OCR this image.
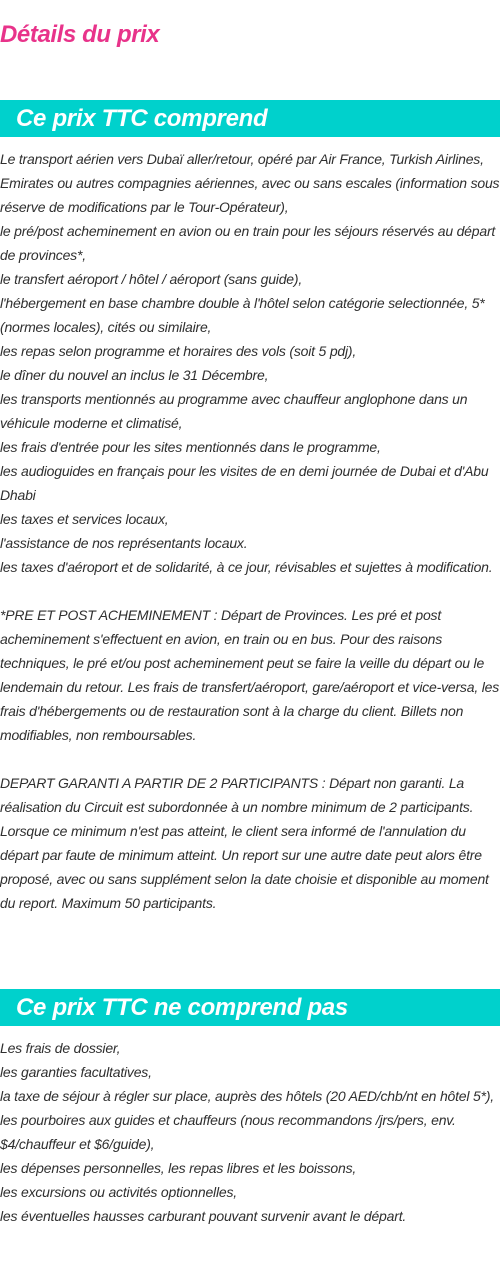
Détails du prix
Ce prix TTC comprend

Le transport aérien vers Dubaï aller/retour, opéré par Air France, Turkish Airlines, Emirates ou autres compagnies aériennes, avec ou sans escales (information sous réserve de modifications par le Tour-Opérateur),

le pré/post acheminement en avion ou en train pour les séjours réservés au départ de provinces*,

le transfert aéroport / hôtel / aéroport (sans guide),

l'hébergement en base chambre double à l'hôtel selon catégorie selectionnée, 5* (normes locales), cités ou similaire,

les repas selon programme et horaires des vols (soit 5 pdj),

le dîner du nouvel an inclus le 31 Décembre,

les transports mentionnés au programme avec chauffeur anglophone dans un véhicule moderne et climatisé,

les frais d'entrée pour les sites mentionnés dans le programme,

les audioguides en français pour les visites de en demi journée de Dubai et d'Abu Dhabi

les taxes et services locaux,

l'assistance de nos représentants locaux.

les taxes d'aéroport et de solidarité, à ce jour, révisables et sujettes à modification.

*PRE ET POST ACHEMINEMENT : Départ de Provinces. Les pré et post acheminement s'effectuent en avion, en train ou en bus. Pour des raisons techniques, le pré et/ou post acheminement peut se faire la veille du départ ou le lendemain du retour. Les frais de transfert/aéroport, gare/aéroport et vice-versa, les frais d'hébergements ou de restauration sont à la charge du client. Billets non modifiables, non remboursables.

DEPART GARANTI A PARTIR DE 2 PARTICIPANTS : Départ non garanti. La réalisation du Circuit est subordonnée à un nombre minimum de 2 participants. Lorsque ce minimum n'est pas atteint, le client sera informé de l'annulation du départ par faute de minimum atteint. Un report sur une autre date peut alors être proposé, avec ou sans supplément selon la date choisie et disponible au moment du report. Maximum 50 participants.

Ce prix TTC ne comprend pas

Les frais de dossier,

les garanties facultatives,

la taxe de séjour à régler sur place, auprès des hôtels (20 AED/chb/nt en hôtel 5*),

les pourboires aux guides et chauffeurs (nous recommandons /jrs/pers, env. $4/chauffeur et $6/guide),

les dépenses personnelles, les repas libres et les boissons,

les excursions ou activités optionnelles,

les éventuelles hausses carburant pouvant survenir avant le départ.
